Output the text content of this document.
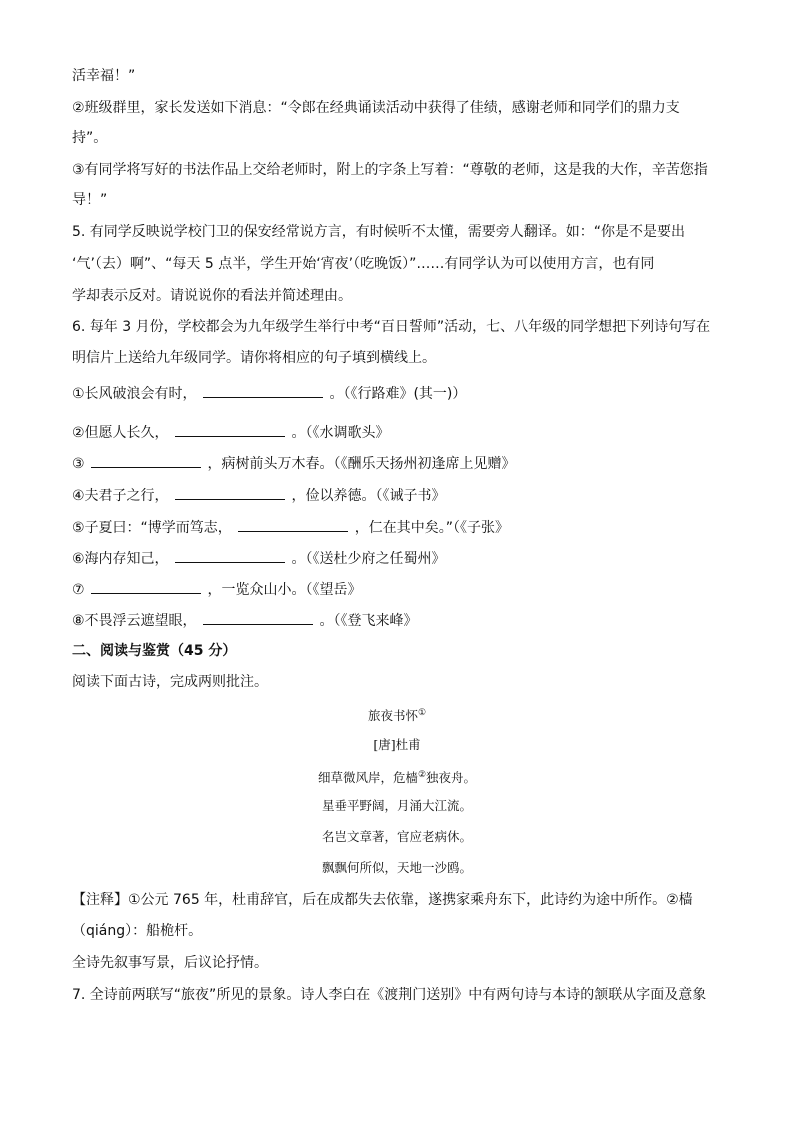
活幸福！”
②班级群里，家长发送如下消息：“令郎在经典诵读活动中获得了佳绩，感谢老师和同学们的鼎力支
持”。
③有同学将写好的书法作品上交给老师时，附上的字条上写着：“尊敬的老师，这是我的大作，辛苦您指
导！”
5. 有同学反映说学校门卫的保安经常说方言，有时候听不太懂，需要旁人翻译。如：“你是不是要出
‘气’（去）啊”、“每天 5 点半，学生开始‘宵夜’（吃晚饭）”……有同学认为可以使用方言，也有同
学却表示反对。请说说你的看法并简述理由。
6. 每年 3 月份，学校都会为九年级学生举行中考“百日誓师”活动，七、八年级的同学想把下列诗句写在
明信片上送给九年级同学。请你将相应的句子填到横线上。
①长风破浪会有时，	。（《行路难》(其一)）
②但愿人长久，	。（《水调歌头》
③	，病树前头万木春。（《酬乐天扬州初逢席上见赠》
④夫君子之行，	，俭以养德。（《诫子书》
⑤子夏曰：“博学而笃志，	，仁在其中矣。”（《子张》
⑥海内存知己，	。（《送杜少府之任蜀州》
⑦	，一览众山小。（《望岳》
⑧不畏浮云遮望眼，	。（《登飞来峰》
二、阅读与鉴赏（45 分）
阅读下面古诗，完成两则批注。
旅夜书怀①
[唐]杜甫
细草微风岸，危樯②独夜舟。
星垂平野阔，月涌大江流。
名岂文章著，官应老病休。
飘飘何所似，天地一沙鸥。
【注释】①公元 765 年，杜甫辞官，后在成都失去依靠，遂携家乘舟东下，此诗约为途中所作。②樯
（qiáng）：船桅杆。
全诗先叙事写景，后议论抒情。
7. 全诗前两联写“旅夜”所见的景象。诗人李白在《渡荆门送别》中有两句诗与本诗的颔联从字面及意象
